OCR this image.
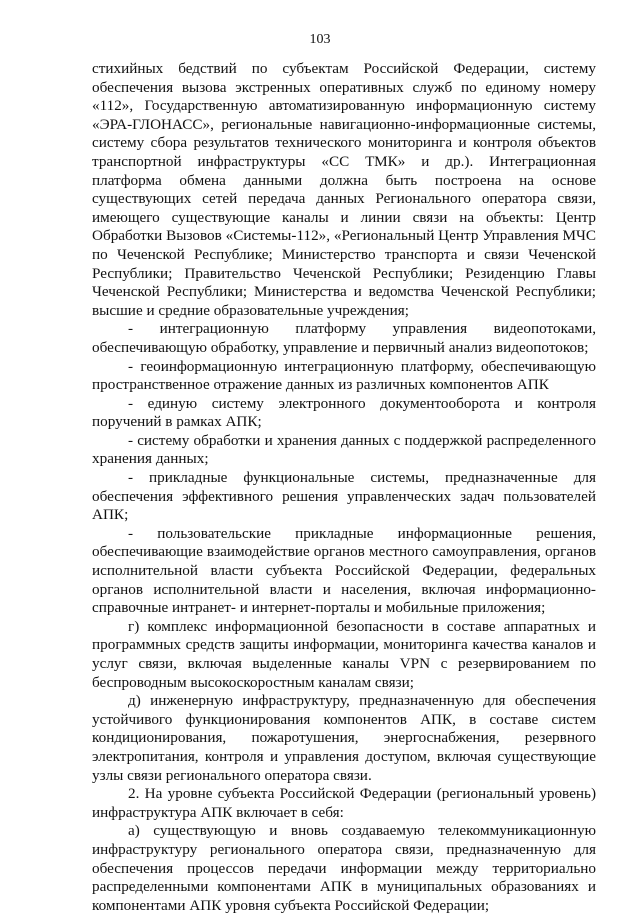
103

стихийных бедствий по субъектам Российской Федерации, систему обеспечения вызова экстренных оперативных служб по единому номеру «112», Государственную автоматизированную информационную систему «ЭРА-ГЛОНАСС», региональные навигационно-информационные системы, систему сбора результатов технического мониторинга и контроля объектов транспортной инфраструктуры «СС ТМК» и др.). Интеграционная платформа обмена данными должна быть построена на основе существующих сетей передача данных Регионального оператора связи, имеющего существующие каналы и линии связи на объекты: Центр Обработки Вызовов «Системы-112», «Региональный Центр Управления МЧС по Чеченской Республике; Министерство транспорта и связи Чеченской Республики; Правительство Чеченской Республики; Резиденцию Главы Чеченской Республики; Министерства и ведомства Чеченской Республики; высшие и средние образовательные учреждения;

- интеграционную платформу управления видеопотоками, обеспечивающую обработку, управление и первичный анализ видеопотоков;

- геоинформационную интеграционную платформу, обеспечивающую пространственное отражение данных из различных компонентов АПК

- единую систему электронного документооборота и контроля поручений в рамках АПК;

- систему обработки и хранения данных с поддержкой распределенного хранения данных;

- прикладные функциональные системы, предназначенные для обеспечения эффективного решения управленческих задач пользователей АПК;

- пользовательские прикладные информационные решения, обеспечивающие взаимодействие органов местного самоуправления, органов исполнительной власти субъекта Российской Федерации, федеральных органов исполнительной власти и населения, включая информационно-справочные интранет- и интернет-порталы и мобильные приложения;

г) комплекс информационной безопасности в составе аппаратных и программных средств защиты информации, мониторинга качества каналов и услуг связи, включая выделенные каналы VPN с резервированием по беспроводным высокоскоростным каналам связи;

д) инженерную инфраструктуру, предназначенную для обеспечения устойчивого функционирования компонентов АПК, в составе систем кондиционирования, пожаротушения, энергоснабжения, резервного электропитания, контроля и управления доступом, включая существующие узлы связи регионального оператора связи.

2. На уровне субъекта Российской Федерации (региональный уровень) инфраструктура АПК включает в себя:

а) существующую и вновь создаваемую телекоммуникационную инфраструктуру регионального оператора связи, предназначенную для обеспечения процессов передачи информации между территориально распределенными компонентами АПК в муниципальных образованиях и компонентами АПК уровня субъекта Российской Федерации;
